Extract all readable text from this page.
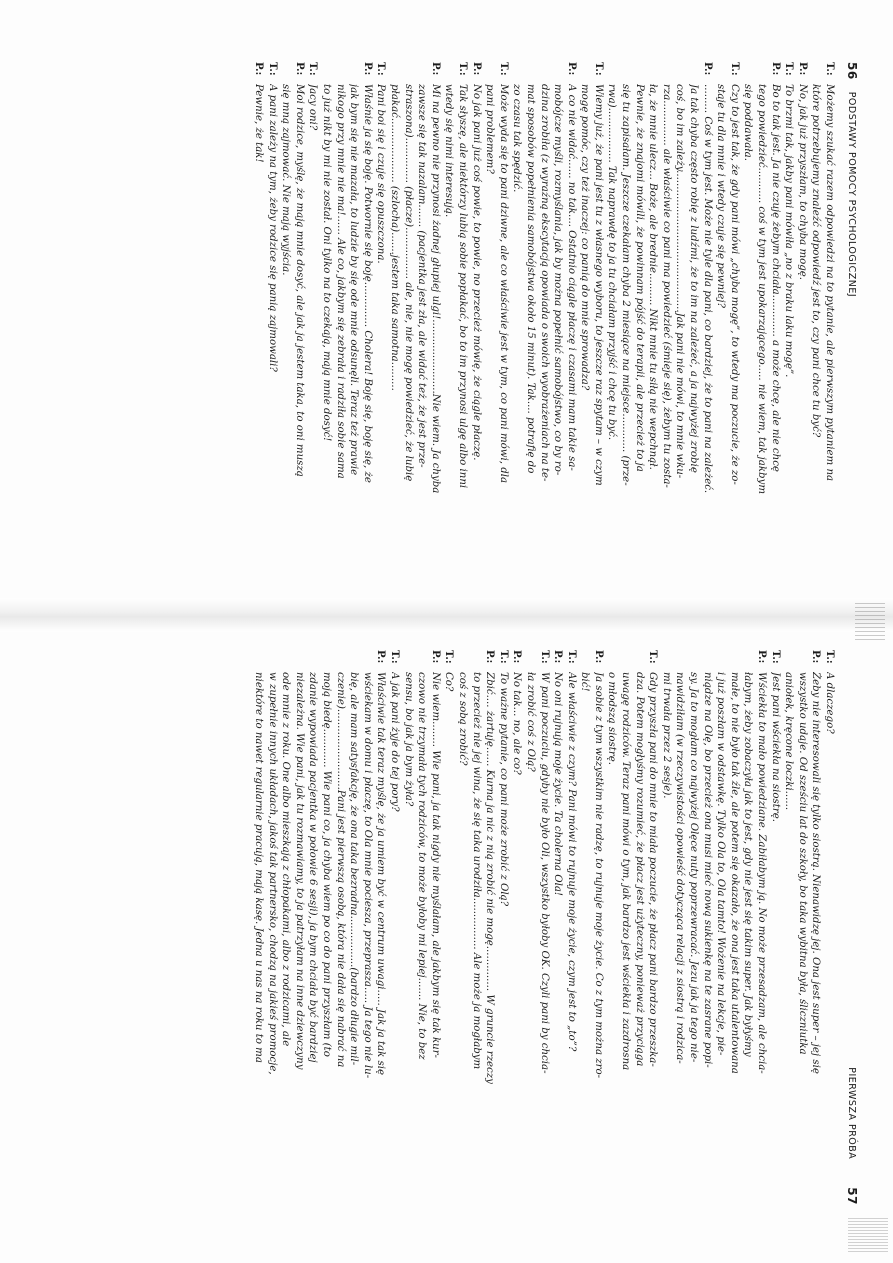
56
PODSTAWY POMOCY PSYCHOLOGICZNEJ
T.:
Możemy szukać razem odpowiedzi na to pytanie, ale pierwszym pytaniem na
które potrzebujemy znaleźć odpowiedź jest to, czy pani chce tu być?
P.:
No, jak już przyszłam, to chyba mogę.
T.:
To brzmi tak, jakby pani mówiła „no z braku laku mogę”.
P.:
Bo to tak jest. Ja nie czuję żebym chciała............. a może chcę, ale nie chcę
tego powiedzieć........... coś w tym jest upokarzającego..... nie wiem, tak jakbym
się poddawała.
T.:
Czy to jest tak, że gdy pani mówi „chyba mogę”, to wtedy ma poczucie, że zo-
staje tu dla mnie i wtedy czuje się pewniej?
P.:
......... Coś w tym jest. Może nie tyle dla pani, co bardziej, że to pani na zależeć.
Ja tak chyba często robię z ludźmi, że to im na zależeć, a ja najwyżej zrobię
coś, bo im zależy............................................Jak pani nie mówi, to mnie wku-
rza.............. ale właściwie co pani ma powiedzieć (śmieje się), żebym tu zosta-
ła, że mnie ulecz... Boże, ale brednie.......... Nikt mnie tu siłą nie wepchnął.
Pewnie, że znajomi mówili, że powinnam pójść do terapii, ale przecież to ja
się tu zapisałam. Jeszcze czekałam chyba 2 miesiące na miejsce............ (prze-
rwa)................. Tak naprawdę to ja tu chciałam przyjść i chcę tu być.
T.:
Wiemy już, że pani jest tu z własnego wyboru, to jeszcze raz spytam – w czym
mogę pomóc, czy też inaczej: co panią do mnie sprowadza?
P.:
A co nie widać...... no tak.... Ostatnio ciągle płaczę i czasami mam takie sa-
mobójcze myśli, rozmyślania, jak by można popełnić samobójstwo, co by ro-
dzina zrobiła (z wyraźną ekscytacją opowiada o swoich wyobrażeniach na te-
mat sposobów popełnienia samobójstwa około 15 minut). Tak.... potrafię do
zo czasu tak spędzić.
T.:
Może wyda się to pani dziwne, ale co właściwie jest w tym, co pani mówi, dla
pani problemem?
P.:
No jak pani już coś powie, to powie, no przecież mówię, że ciągle płaczę.
T.:
Tak słyszę, ale niektórzy lubią sobie popłakać, bo to im przynosi ulgę albo inni
wtedy się nimi interesują.
P.:
Mi na pewno nie przynosi żadnej głupiej ulgi!.......................Nie wiem. Ja chyba
zawsze się tak nazalam....... (pacjentka jest zła, ale widać też, że jest prze-
straszona).............. (płacze)................ ale, nie, nie mogę powiedzieć, że lubię
płakać.................... (szlocha).......jestem taka samotna.........
T.:
Pani boi się i czuje się opuszczona.
P.:
Właśnie ja się boję. Potwornie się boję.............. Cholera! Boję się, boję się, że
jak bym się nie mazała, to ludzie by się ode mnie odsunęli. Teraz też prawie
nikogo przy mnie nie ma!...... Ale co, jakbym się zebrała i radziła sobie sama
to już nikt by mi nie został. Oni tylko na to czekają, mają mnie dosyć!
T.:
Jacy oni?
P.:
Moi rodzice, myślę, że mają mnie dosyć, ale jak ja jestem taka, to oni muszą
się mną zajmować. Nie mają wyjścia.
T.:
A pani zależy na tym, żeby rodzice się panią zajmowali?
P.:
Pewnie, że tak!
PIERWSZA PRÓBA
57
T.:
A dlaczego?
P.:
Żeby nie interesowali się tylko siostrą. Nienawidzę jej. Ona jest super – jej się
wszystko udaje. Od sześciu lat do szkoły, bo taka wybitna była, śliczniutka
aniołek, kręcone loczki......
T.:
Jest pani wściekła na siostrę.
P.:
Wściekła to mało powiedziane. Zabiłabym ją. No może przesadzam, ale chcia-
łabym, żeby zobaczyła jak to jest, gdy nie jest się takim super. Jak byłyśmy
małe, to nie było tak źle, ale potem się okazało, że ona jest taka utalentowana
i już poszłam w odstawkę. Tylko Ola to, Ola tamto! Wożenie na lekcje, pie-
niądze na Olę, bo przecież ona musi mieć nową sukienkę na te zasrane popi-
sy. Ja to mogłam co najwyżej Olęce nuty poprzewracać. Jezu jak ja tego nie-
nawidziłam (w rzeczywistości opowieść dotycząca relacji z siostrą i rodzica-
mi trwała przez 2 sesje).
T.:
Gdy przyszła pani do mnie to miała poczucie, że płacz pani bardzo przeszka-
dza. Potem mogłyśmy rozumieć, że płacz jest użyteczny, ponieważ przyciąga
uwagę rodziców. Teraz pani mówi o tym, jak bardzo jest wściekła i zazdrosna
o młodszą siostrę.
P.:
Ja sobie z tym wszystkim nie radzę, to rujnuje moje życie. Co z tym można zro-
bić!
T.:
Ale właściwie z czym? Pani mówi to rujnuje moje życie, czym jest to „to”?
P.:
No oni rujnują moje życie. Ta cholerna Ola!
T.:
W pani poczuciu, gdyby nie było Oli, wszystko byłoby OK. Czyli pani by chcia-
ła zrobić coś z Olą?
P.:
No tak... no, ale co?
T.:
To ważne pytanie, co pani może zrobić z Olą?
P.:
Zbić.... żartuję...... Kurna ja nic z nią zrobić nie mogę.............. W gruncie rzeczy
to przecież nie jej wina, że się taka urodziła................ Ale może ja mogłabym
coś z sobą zrobić?
T.:
Co?
P.:
Nie wiem........ Wie pani, ja tak nigdy nie myślałam, ale jakbym się tak kur-
czowo nie trzymała tych rodziców, to może byłoby mi lepiej....... Nie, to bez
sensu, bo jak ja bym żyła?
T.:
A jak pani żyje do tej pory?
P.:
Właściwie tak teraz myślę, że ja umiem być w centrum uwagi..... Jak ja tak się
wściekam w domu i płaczę, to Ola mnie pociesza, przeprasza..... Ja tego nie lu-
bię, ale mam satysfakcję, że ona taka bezradna................(bardzo długie mil-
czenie).........................Pani jest pierwszą osobą, która nie dała się nabrać na
moją biedę............ Wie pani co, ja chyba wiem po co do pani przyszłam (to
zdanie wypowiada pacjentka w połowie 6 sesji), ja bym chciała być bardziej
niezależna. Wie pani, jak tu rozmawiamy, to ja patrzyłam na inne dziewczyny
ode mnie z roku. One albo mieszkają z chłopakami, albo z rodzicami, ale
w zupełnie innych układach, jakoś tak partnersko, chodzą na jakieś promocje,
niektóre to nawet regularnie pracują, mają kasę. Jedna u nas na roku to ma
